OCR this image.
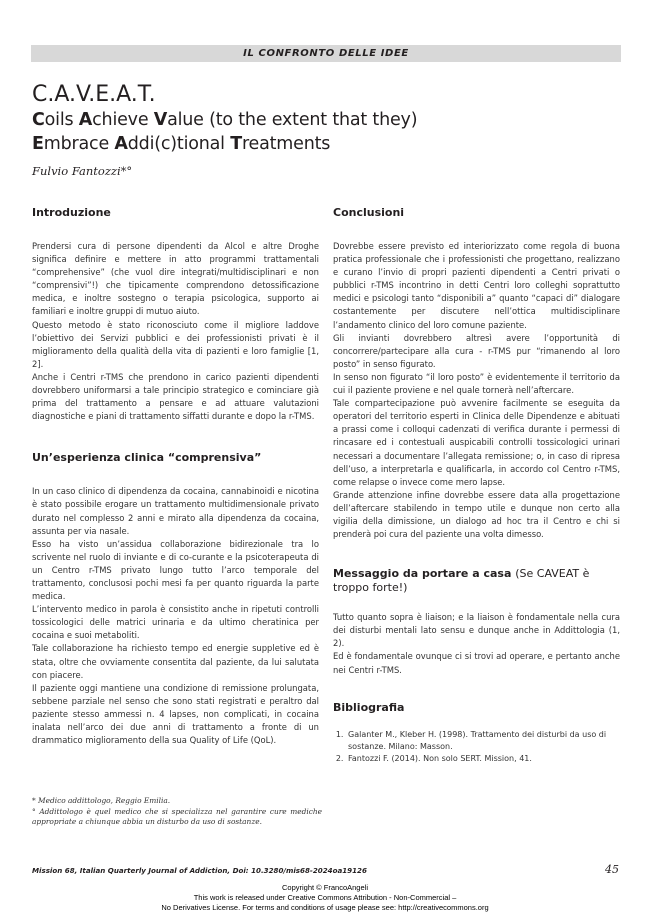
IL CONFRONTO DELLE IDEE

C.A.V.E.A.T.

Coils Achieve Value (to the extent that they)

Embrace Addi(c)tional Treatments

Fulvio Fantozzi*°

Introduzione

Prendersi cura di persone dipendenti da Alcol e altre Droghe significa definire e mettere in atto programmi trattamentali “comprehensive” (che vuol dire integrati/multidisciplinari e non “comprensivi”!) che tipicamente comprendono detossificazione medica, e inoltre sostegno o terapia psicologica, supporto ai familiari e inoltre gruppi di mutuo aiuto.

Questo metodo è stato riconosciuto come il migliore laddove l’obiettivo dei Servizi pubblici e dei professionisti privati è il miglioramento della qualità della vita di pazienti e loro famiglie [1, 2].

Anche i Centri r-TMS che prendono in carico pazienti dipendenti dovrebbero uniformarsi a tale principio strategico e cominciare già prima del trattamento a pensare e ad attuare valutazioni diagnostiche e piani di trattamento siffatti durante e dopo la r-TMS.

Un’esperienza clinica “comprensiva”

In un caso clinico di dipendenza da cocaina, cannabinoidi e nicotina è stato possibile erogare un trattamento multidimensionale privato durato nel complesso 2 anni e mirato alla dipendenza da cocaina, assunta per via nasale.

Esso ha visto un’assidua collaborazione bidirezionale tra lo scrivente nel ruolo di inviante e di co-curante e la psicoterapeuta di un Centro r-TMS privato lungo tutto l’arco temporale del trattamento, conclusosi pochi mesi fa per quanto riguarda la parte medica.

L’intervento medico in parola è consistito anche in ripetuti controlli tossicologici delle matrici urinaria e da ultimo cheratinica per cocaina e suoi metaboliti.

Tale collaborazione ha richiesto tempo ed energie suppletive ed è stata, oltre che ovviamente consentita dal paziente, da lui salutata con piacere.

Il paziente oggi mantiene una condizione di remissione prolungata, sebbene parziale nel senso che sono stati registrati e peraltro dal paziente stesso ammessi n. 4 lapses, non complicati, in cocaina inalata nell’arco dei due anni di trattamento a fronte di un drammatico miglioramento della sua Quality of Life (QoL).

* Medico addittologo, Reggio Emilia.

° Addittologo è quel medico che si specializza nel garantire cure mediche appropriate a chiunque abbia un disturbo da uso di sostanze.

Conclusioni

Dovrebbe essere previsto ed interiorizzato come regola di buona pratica professionale che i professionisti che progettano, realizzano e curano l’invio di propri pazienti dipendenti a Centri privati o pubblici r-TMS incontrino in detti Centri loro colleghi soprattutto medici e psicologi tanto “disponibili a” quanto “capaci di” dialogare costantemente per discutere nell’ottica multidisciplinare l’andamento clinico del loro comune paziente.

Gli invianti dovrebbero altresì avere l’opportunità di concorrere/partecipare alla cura - r-TMS pur “rimanendo al loro posto” in senso figurato.

In senso non figurato “il loro posto” è evidentemente il territorio da cui il paziente proviene e nel quale tornerà nell’aftercare.

Tale compartecipazione può avvenire facilmente se eseguita da operatori del territorio esperti in Clinica delle Dipendenze e abituati a prassi come i colloqui cadenzati di verifica durante i permessi di rincasare ed i contestuali auspicabili controlli tossicologici urinari necessari a documentare l’allegata remissione; o, in caso di ripresa dell’uso, a interpretarla e qualificarla, in accordo col Centro r-TMS, come relapse o invece come mero lapse.

Grande attenzione infine dovrebbe essere data alla progettazione dell’aftercare stabilendo in tempo utile e dunque non certo alla vigilia della dimissione, un dialogo ad hoc tra il Centro e chi si prenderà poi cura del paziente una volta dimesso.

Messaggio da portare a casa (Se CAVEAT è troppo forte!)

Tutto quanto sopra è liaison; e la liaison è fondamentale nella cura dei disturbi mentali lato sensu e dunque anche in Addittologia (1, 2).

Ed è fondamentale ovunque ci si trovi ad operare, e pertanto anche nei Centri r-TMS.

Bibliografia

1. Galanter M., Kleber H. (1998). Trattamento dei disturbi da uso di sostanze. Milano: Masson.
2. Fantozzi F. (2014). Non solo SERT. Mission, 41.
Mission 68, Italian Quarterly Journal of Addiction, Doi: 10.3280/mis68-2024oa19126	45
Copyright © FrancoAngeli
This work is released under Creative Commons Attribution - Non-Commercial –
No Derivatives License. For terms and conditions of usage please see: http://creativecommons.org
